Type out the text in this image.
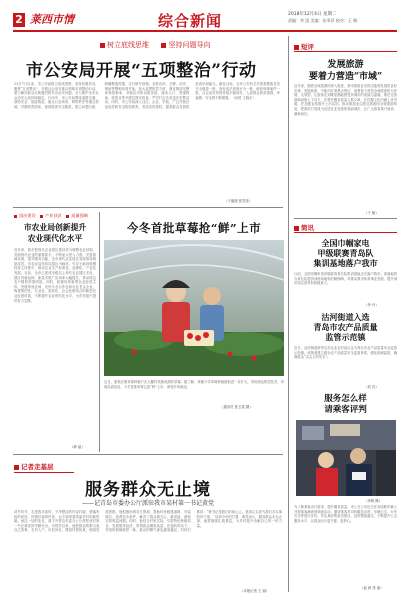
2 莱西市情	综合新闻	2018年12月4日 星期二
责编：李 泓 美编：张翠萍 校对：王 梅
树立底线思维	坚持问题导向
市公安局开展“五项整治”行动
11月7日以来，市公安局树立底线思维，坚持问题导向，聚焦“五项整治”，开展社会治安重点领域专项整治行动，着力解决群众反映强烈的突出治安问题，全力维护全市社会治安大局持续稳定。行动中，市公安局围绕道路交通、消防安全、危险物品、重点行业场所、网络秩序等重点领域，对照职责清单，逐项排查安全隐患，建立问题台账，明确整改时限，实行销号管理。各派出所、交警、治安、刑侦等警种协同作战，加大巡逻防控力度，强化街面见警率和管事率，对辖区内的出租房屋、流动人口、寄递物流、旅馆业等开展拉网式检查，严厉打击各类违法犯罪活动。同时，市公安局深入社区、企业、学校，广泛开展法治宣传和安全防范教育，发放宣传资料，提高群众自我防范意识和能力。截至目前，全市公安机关共排查整改各类安全隐患一批，查处违法违规行为一批，破获刑事案件一批，社会治安形势持续平稳向好，人民群众的获得感、幸福感、安全感不断增强。（孙悦 王晓东）
（于丽丽 张雪莹）
短评
发展旅游
要着力营造“市域”
近年来，随着全域旅游的深入推进，我市旅游业呈现出蓬勃发展的良好态势。发展旅游，不能只盯着景点景区，而要着力营造全域旅游的大环境、大氛围，让游客走到哪里都能感受到城市的美丽与温暖。要在完善基础设施上下功夫，在提升服务质量上做文章，在挖掘文化内涵上求突破，在加强宣传推介上出实招，推动旅游业由景点旅游向全域旅游转变，把我市打造成为宜居宜业宜游的美丽城市，让广大游客乘兴而来、满意而归。
（于 敏）
简讯
全国巾帼家电
甲级联赛青岛队
集训基地落户我市
日前，全国巾帼家电甲级联赛青岛队集训基地正式落户我市。该基地将为青岛队提供训练场地和后勤保障，对推动我市体育事业发展、提升城市知名度具有积极意义。
（李 丹）
沽河街道入选
青岛市农产品质量
监管示范镇
近日，沽河街道被青岛市农业农村局认定为青岛市农产品质量安全监管示范镇。该街道建立健全农产品质量安全监管体系，强化检测监管，确保群众“舌尖上的安全”。
（刘 洋）
服务怎么样
请乘客评判
（李明 摄）
为了解乘客出行需求，提升服务质量，市公交公司近日在各线路车辆上开展乘客满意度调查活动，邀请乘客对司机服务态度、车辆卫生、行车安全等进行评价，并认真收集意见建议，及时整改落实，不断提升公交服务水平，让群众出行更方便、更舒心。
（崔 莉 张 丽）
国庆建设 产业扶贫 质量强制
市农业局创新提升
农业现代化水平
近年来，我市把现代农业园区建设作为调整农业结构、发展现代农业的重要抓手，不断加大投入力度，完善基础设施，提升服务功能，全市现代农业园区发展取得明显成效。市农业局坚持以园区为载体，引导土地向规模经营主体集中，推动农业生产标准化、品牌化、产业化发展。目前，全市已建成市级以上现代农业园区多处，园区内新品种、新技术推广应用率大幅提升，带动周边农户增收效果明显。同时，积极培育新型农业经营主体，发展家庭农场、农民专业合作社和农业龙头企业，构建集约化、专业化、组织化、社会化相结合的新型农业经营体系，不断提升农业现代化水平，为乡村振兴提供有力支撑。
（韩 晶）
今冬首批草莓抢“鲜”上市
近日，夏格庄镇草莓种植户在大棚内采摘成熟的草莓。据了解，该镇今年草莓种植面积进一步扩大，采用绿色防控技术，草莓品质优良，今冬首批草莓已抢“鲜”上市，深受市场欢迎。
（通讯员 张卫星 摄）
记者走基层
服务群众无止境
——记青岛市委办公厅派驻我市某村第一书记黄党
初冬时节，走进我市某村，干净整洁的村容村貌、错落有致的民居、热情好客的村民，无不展现着美丽乡村的新风貌。而这一切的变化，离不开青岛市委办公厅派驻该村第一书记黄党的辛勤付出。自驻村以来，他把群众的事当成自己的事，走村入户、访贫问苦，摸清村情民意，理清发展思路。他积极协调各方资源，帮助村里修建道路、安装路灯、改善饮水条件，解决了群众最关心、最直接、最现实的利益问题。同时，他结合村里实际，引进特色种植项目，发展集体经济，带领群众增收致富。在他的带动下，村里的面貌焕然一新，群众的精气神也越来越足。村民们都说：“黄书记是我们的贴心人，是真心实意为我们办实事的好干部。”谈到今后的打算，黄党表示，服务群众永无止境，他将继续扎根基层，为乡村振兴贡献自己的一份力量。
（本报记者 王 丽）
